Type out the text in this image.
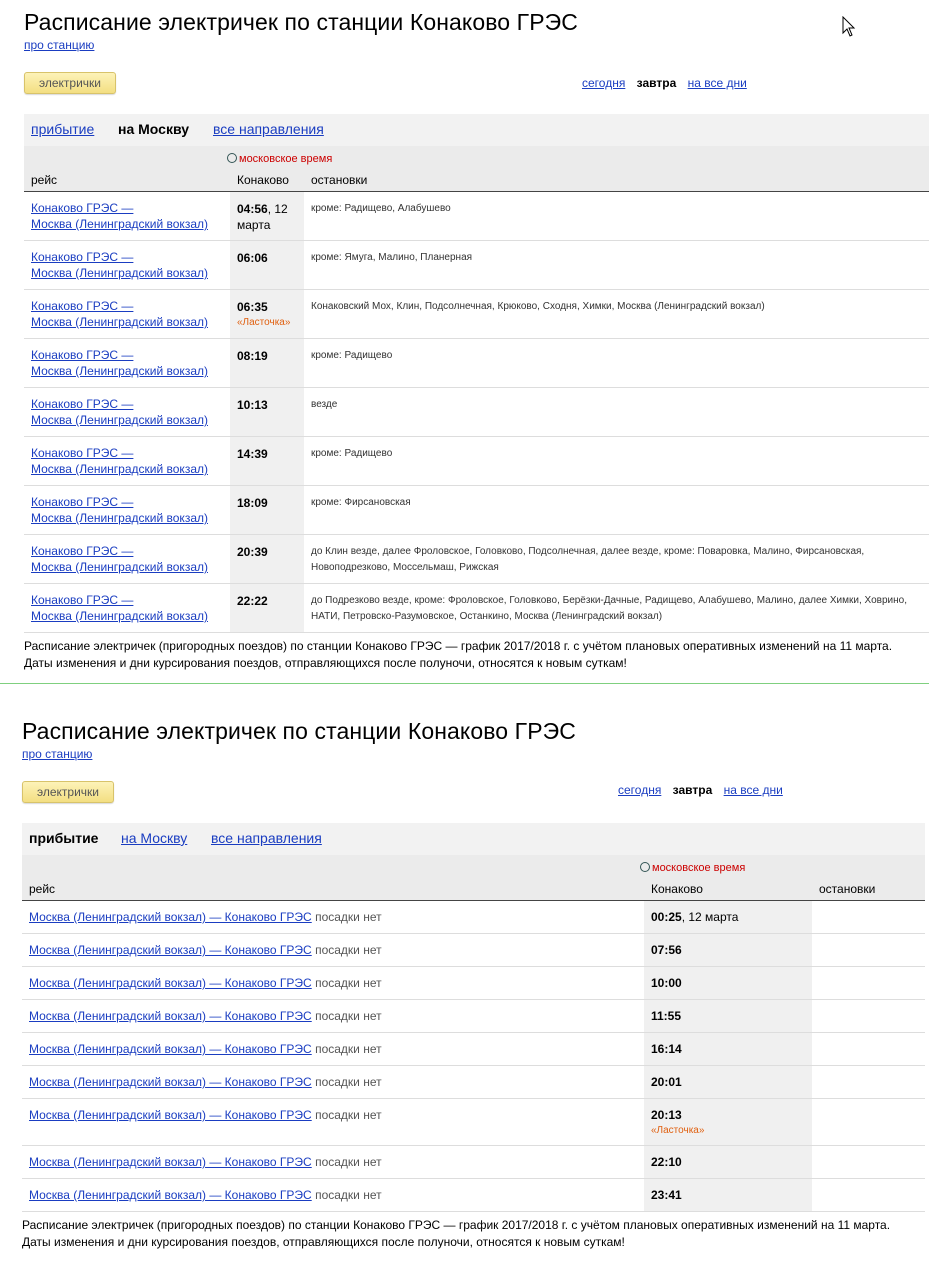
Расписание электричек по станции Конаково ГРЭС
про станцию
электрички	сегодня завтра на все дни
прибытие на Москву все направления
рейс
московское время
Конаково остановки
Конаково ГРЭС —
Москва (Ленинградский вокзал)
04:56, 12 марта
кроме: Радищево, Алабушево
Конаково ГРЭС —
Москва (Ленинградский вокзал)
06:06	кроме: Ямуга, Малино, Планерная
Конаково ГРЭС —
Москва (Ленинградский вокзал)
06:35
«Ласточка»
Конаковский Мох, Клин, Подсолнечная, Крюково, Сходня, Химки, Москва (Ленинградский вокзал)
Конаково ГРЭС —
Москва (Ленинградский вокзал)
08:19	кроме: Радищево
Конаково ГРЭС —
Москва (Ленинградский вокзал)
10:13	везде
Конаково ГРЭС —
Москва (Ленинградский вокзал)
14:39	кроме: Радищево
Конаково ГРЭС —
Москва (Ленинградский вокзал)
18:09	кроме: Фирсановская
Конаково ГРЭС —
Москва (Ленинградский вокзал)
20:39	до Клин везде, далее Фроловское, Головково, Подсолнечная, далее везде, кроме: Поваровка, Малино, Фирсановская, Новоподрезково, Моссельмаш, Рижская
Конаково ГРЭС —
Москва (Ленинградский вокзал)
22:22	до Подрезково везде, кроме: Фроловское, Головково, Берёзки-Дачные, Радищево, Алабушево, Малино, далее Химки, Ховрино, НАТИ, Петровско-Разумовское, Останкино, Москва (Ленинградский вокзал)
Расписание электричек (пригородных поездов) по станции Конаково ГРЭС — график 2017/2018 г. с учётом плановых оперативных изменений на 11 марта. Даты изменения и дни курсирования поездов, отправляющихся после полуночи, относятся к новым суткам!
Расписание электричек по станции Конаково ГРЭС
про станцию
электрички	сегодня завтра на все дни
прибытие на Москву все направления
рейс
московское время
Конаково	остановки
Москва (Ленинградский вокзал) — Конаково ГРЭС посадки нет	00:25, 12 марта
Москва (Ленинградский вокзал) — Конаково ГРЭС посадки нет	07:56
Москва (Ленинградский вокзал) — Конаково ГРЭС посадки нет	10:00
Москва (Ленинградский вокзал) — Конаково ГРЭС посадки нет	11:55
Москва (Ленинградский вокзал) — Конаково ГРЭС посадки нет	16:14
Москва (Ленинградский вокзал) — Конаково ГРЭС посадки нет	20:01
Москва (Ленинградский вокзал) — Конаково ГРЭС посадки нет	20:13
«Ласточка»
Москва (Ленинградский вокзал) — Конаково ГРЭС посадки нет	22:10
Москва (Ленинградский вокзал) — Конаково ГРЭС посадки нет	23:41
Расписание электричек (пригородных поездов) по станции Конаково ГРЭС — график 2017/2018 г. с учётом плановых оперативных изменений на 11 марта. Даты изменения и дни курсирования поездов, отправляющихся после полуночи, относятся к новым суткам!
